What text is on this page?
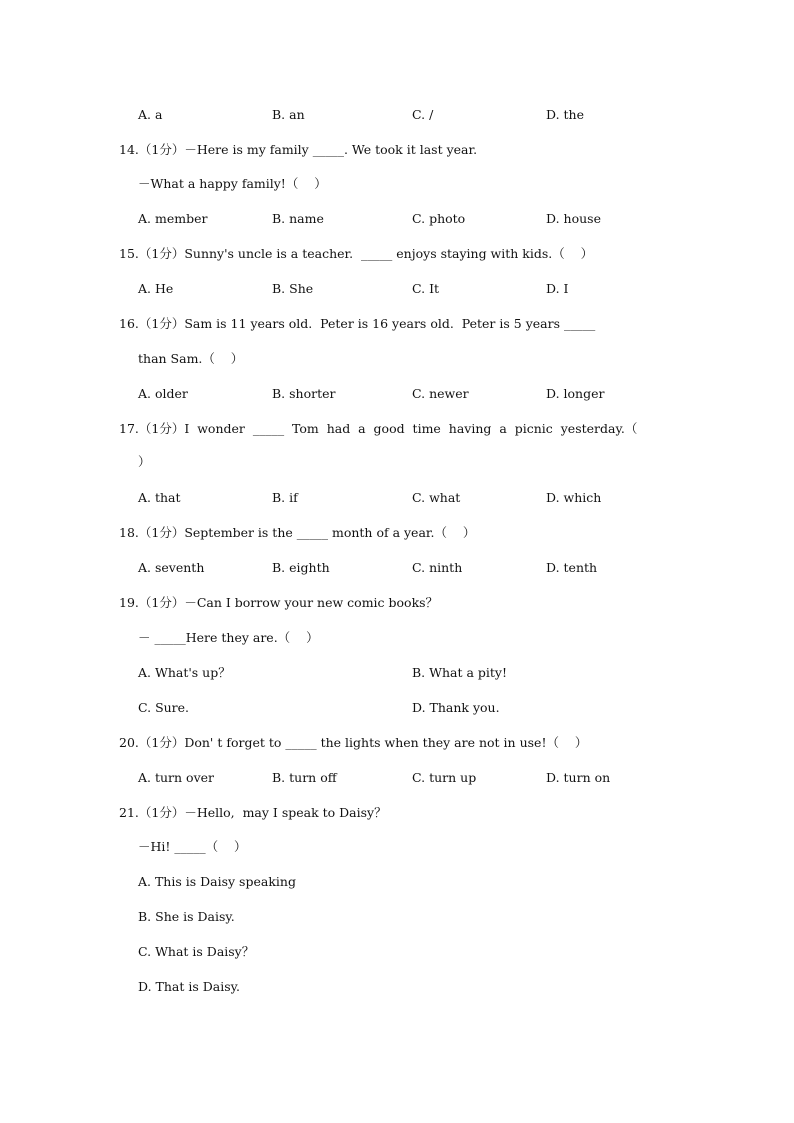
A. a	B. an	C. /	D. the
14.（1分）－Here is my family _____. We took it last year.
－What a happy family!（    ）
A. member	B. name	C. photo	D. house
15.（1分）Sunny's uncle is a teacher.  _____ enjoys staying with kids.（    ）
A. He	B. She	C. It	D. I
16.（1分）Sam is 11 years old.  Peter is 16 years old.  Peter is 5 years _____
than Sam.（    ）
A. older	B. shorter	C. newer	D. longer
17.（1分）I  wonder  _____  Tom  had  a  good  time  having  a  picnic  yesterday.（
）
A. that	B. if	C. what	D. which
18.（1分）September is the _____ month of a year.（    ）
A. seventh	B. eighth	C. ninth	D. tenth
19.（1分）－Can I borrow your new comic books？
－ _____Here they are.（    ）
A. What's up？	B. What a pity!
C. Sure.	D. Thank you.
20.（1分）Don' t forget to _____ the lights when they are not in use!（    ）
A. turn over	B. turn off	C. turn up	D. turn on
21.（1分）－Hello,  may I speak to Daisy？
－Hi! _____（    ）
A. This is Daisy speaking
B. She is Daisy.
C. What is Daisy？
D. That is Daisy.
